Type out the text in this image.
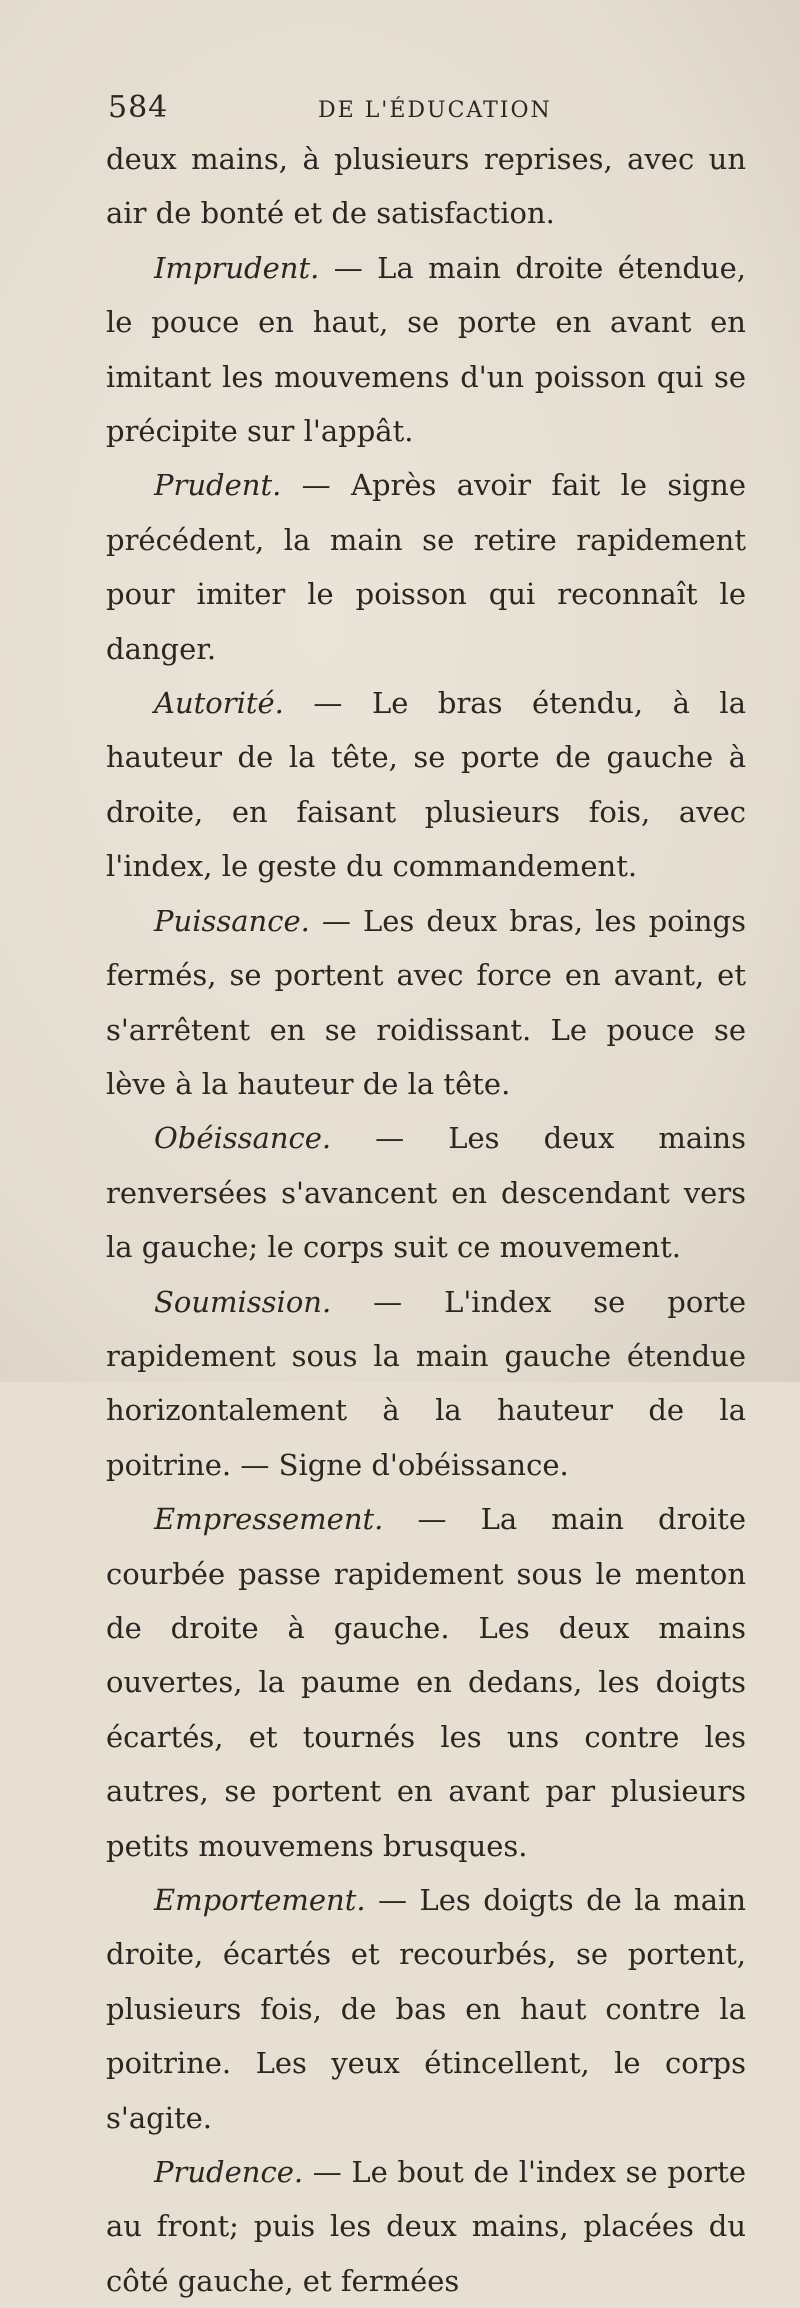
584	DE L'ÉDUCATION

deux mains, à plusieurs reprises, avec un air de bonté et de satisfaction.

Imprudent. — La main droite étendue, le pouce en haut, se porte en avant en imitant les mouvemens d'un poisson qui se précipite sur l'appât.

Prudent. — Après avoir fait le signe précédent, la main se retire rapidement pour imiter le poisson qui reconnaît le danger.

Autorité. — Le bras étendu, à la hauteur de la tête, se porte de gauche à droite, en faisant plusieurs fois, avec l'index, le geste du commandement.

Puissance. — Les deux bras, les poings fermés, se portent avec force en avant, et s'arrêtent en se roidissant. Le pouce se lève à la hauteur de la tête.

Obéissance. — Les deux mains renversées s'avancent en descendant vers la gauche; le corps suit ce mouvement.

Soumission. — L'index se porte rapidement sous la main gauche étendue horizontalement à la hauteur de la poitrine. — Signe d'obéissance.

Empressement. — La main droite courbée passe rapidement sous le menton de droite à gauche. Les deux mains ouvertes, la paume en dedans, les doigts écartés, et tournés les uns contre les autres, se portent en avant par plusieurs petits mouvemens brusques.

Emportement. — Les doigts de la main droite, écartés et recourbés, se portent, plusieurs fois, de bas en haut contre la poitrine. Les yeux étincellent, le corps s'agite.

Prudence. — Le bout de l'index se porte au front; puis les deux mains, placées du côté gauche, et fermées
